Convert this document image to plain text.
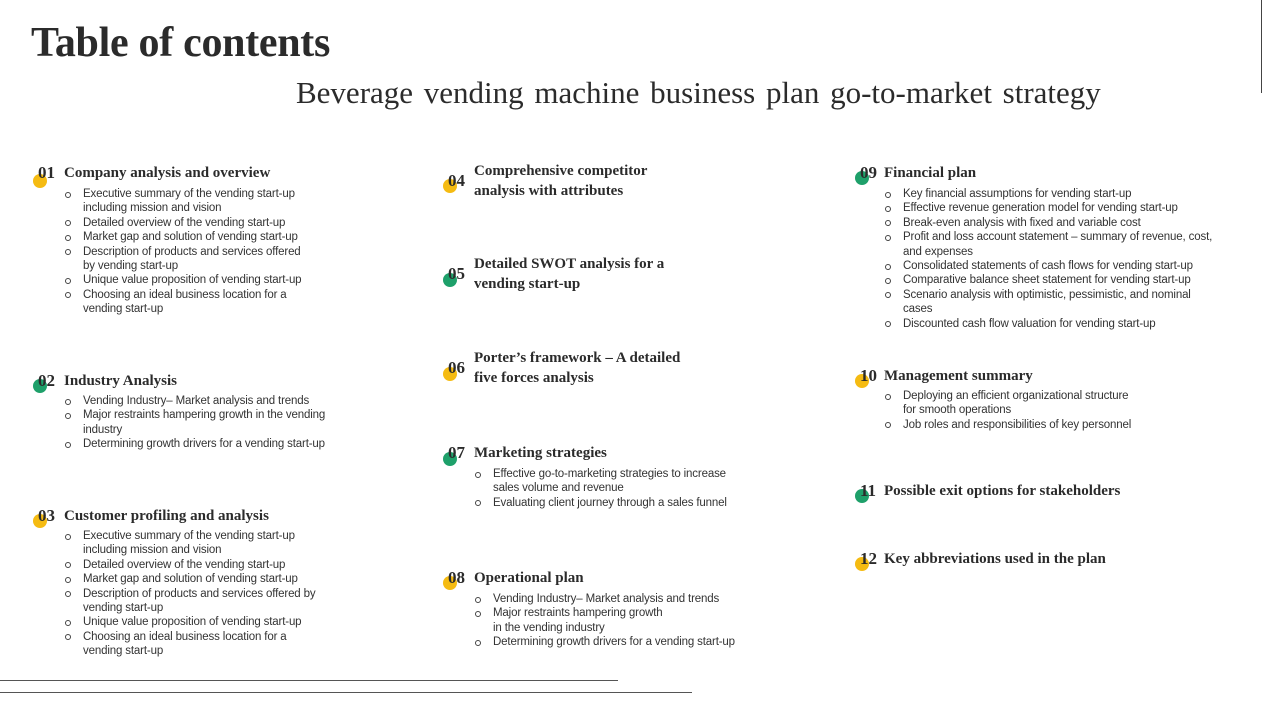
Table of contents
Beverage vending machine business plan go-to-market strategy
01 Company analysis and overview
Executive summary of the vending start-up
including mission and vision
Detailed overview of the vending start-up
Market gap and solution of vending start-up
Description of products and services offered
by vending start-up
Unique value proposition of vending start-up
Choosing an ideal business location for a
vending start-up
02 Industry Analysis
Vending Industry– Market analysis and trends
Major restraints hampering growth in the vending
industry
Determining growth drivers for a vending start-up
03 Customer profiling and analysis
Executive summary of the vending start-up
including mission and vision
Detailed overview of the vending start-up
Market gap and solution of vending start-up
Description of products and services offered by
vending start-up
Unique value proposition of vending start-up
Choosing an ideal business location for a
vending start-up
04 Comprehensive competitor
analysis with attributes
05 Detailed SWOT analysis for a
vending start-up
06 Porter’s framework – A detailed
five forces analysis
07 Marketing strategies
Effective go-to-marketing strategies to increase
sales volume and revenue
Evaluating client journey through a sales funnel
08 Operational plan
Vending Industry– Market analysis and trends
Major restraints hampering growth
in the vending industry
Determining growth drivers for a vending start-up
09 Financial plan
Key financial assumptions for vending start-up
Effective revenue generation model for vending start-up
Break-even analysis with fixed and variable cost
Profit and loss account statement – summary of revenue, cost,
and expenses
Consolidated statements of cash flows for vending start-up
Comparative balance sheet statement for vending start-up
Scenario analysis with optimistic, pessimistic, and nominal
cases
Discounted cash flow valuation for vending start-up
10 Management summary
Deploying an efficient organizational structure
for smooth operations
Job roles and responsibilities of key personnel
11 Possible exit options for stakeholders
12 Key abbreviations used in the plan
